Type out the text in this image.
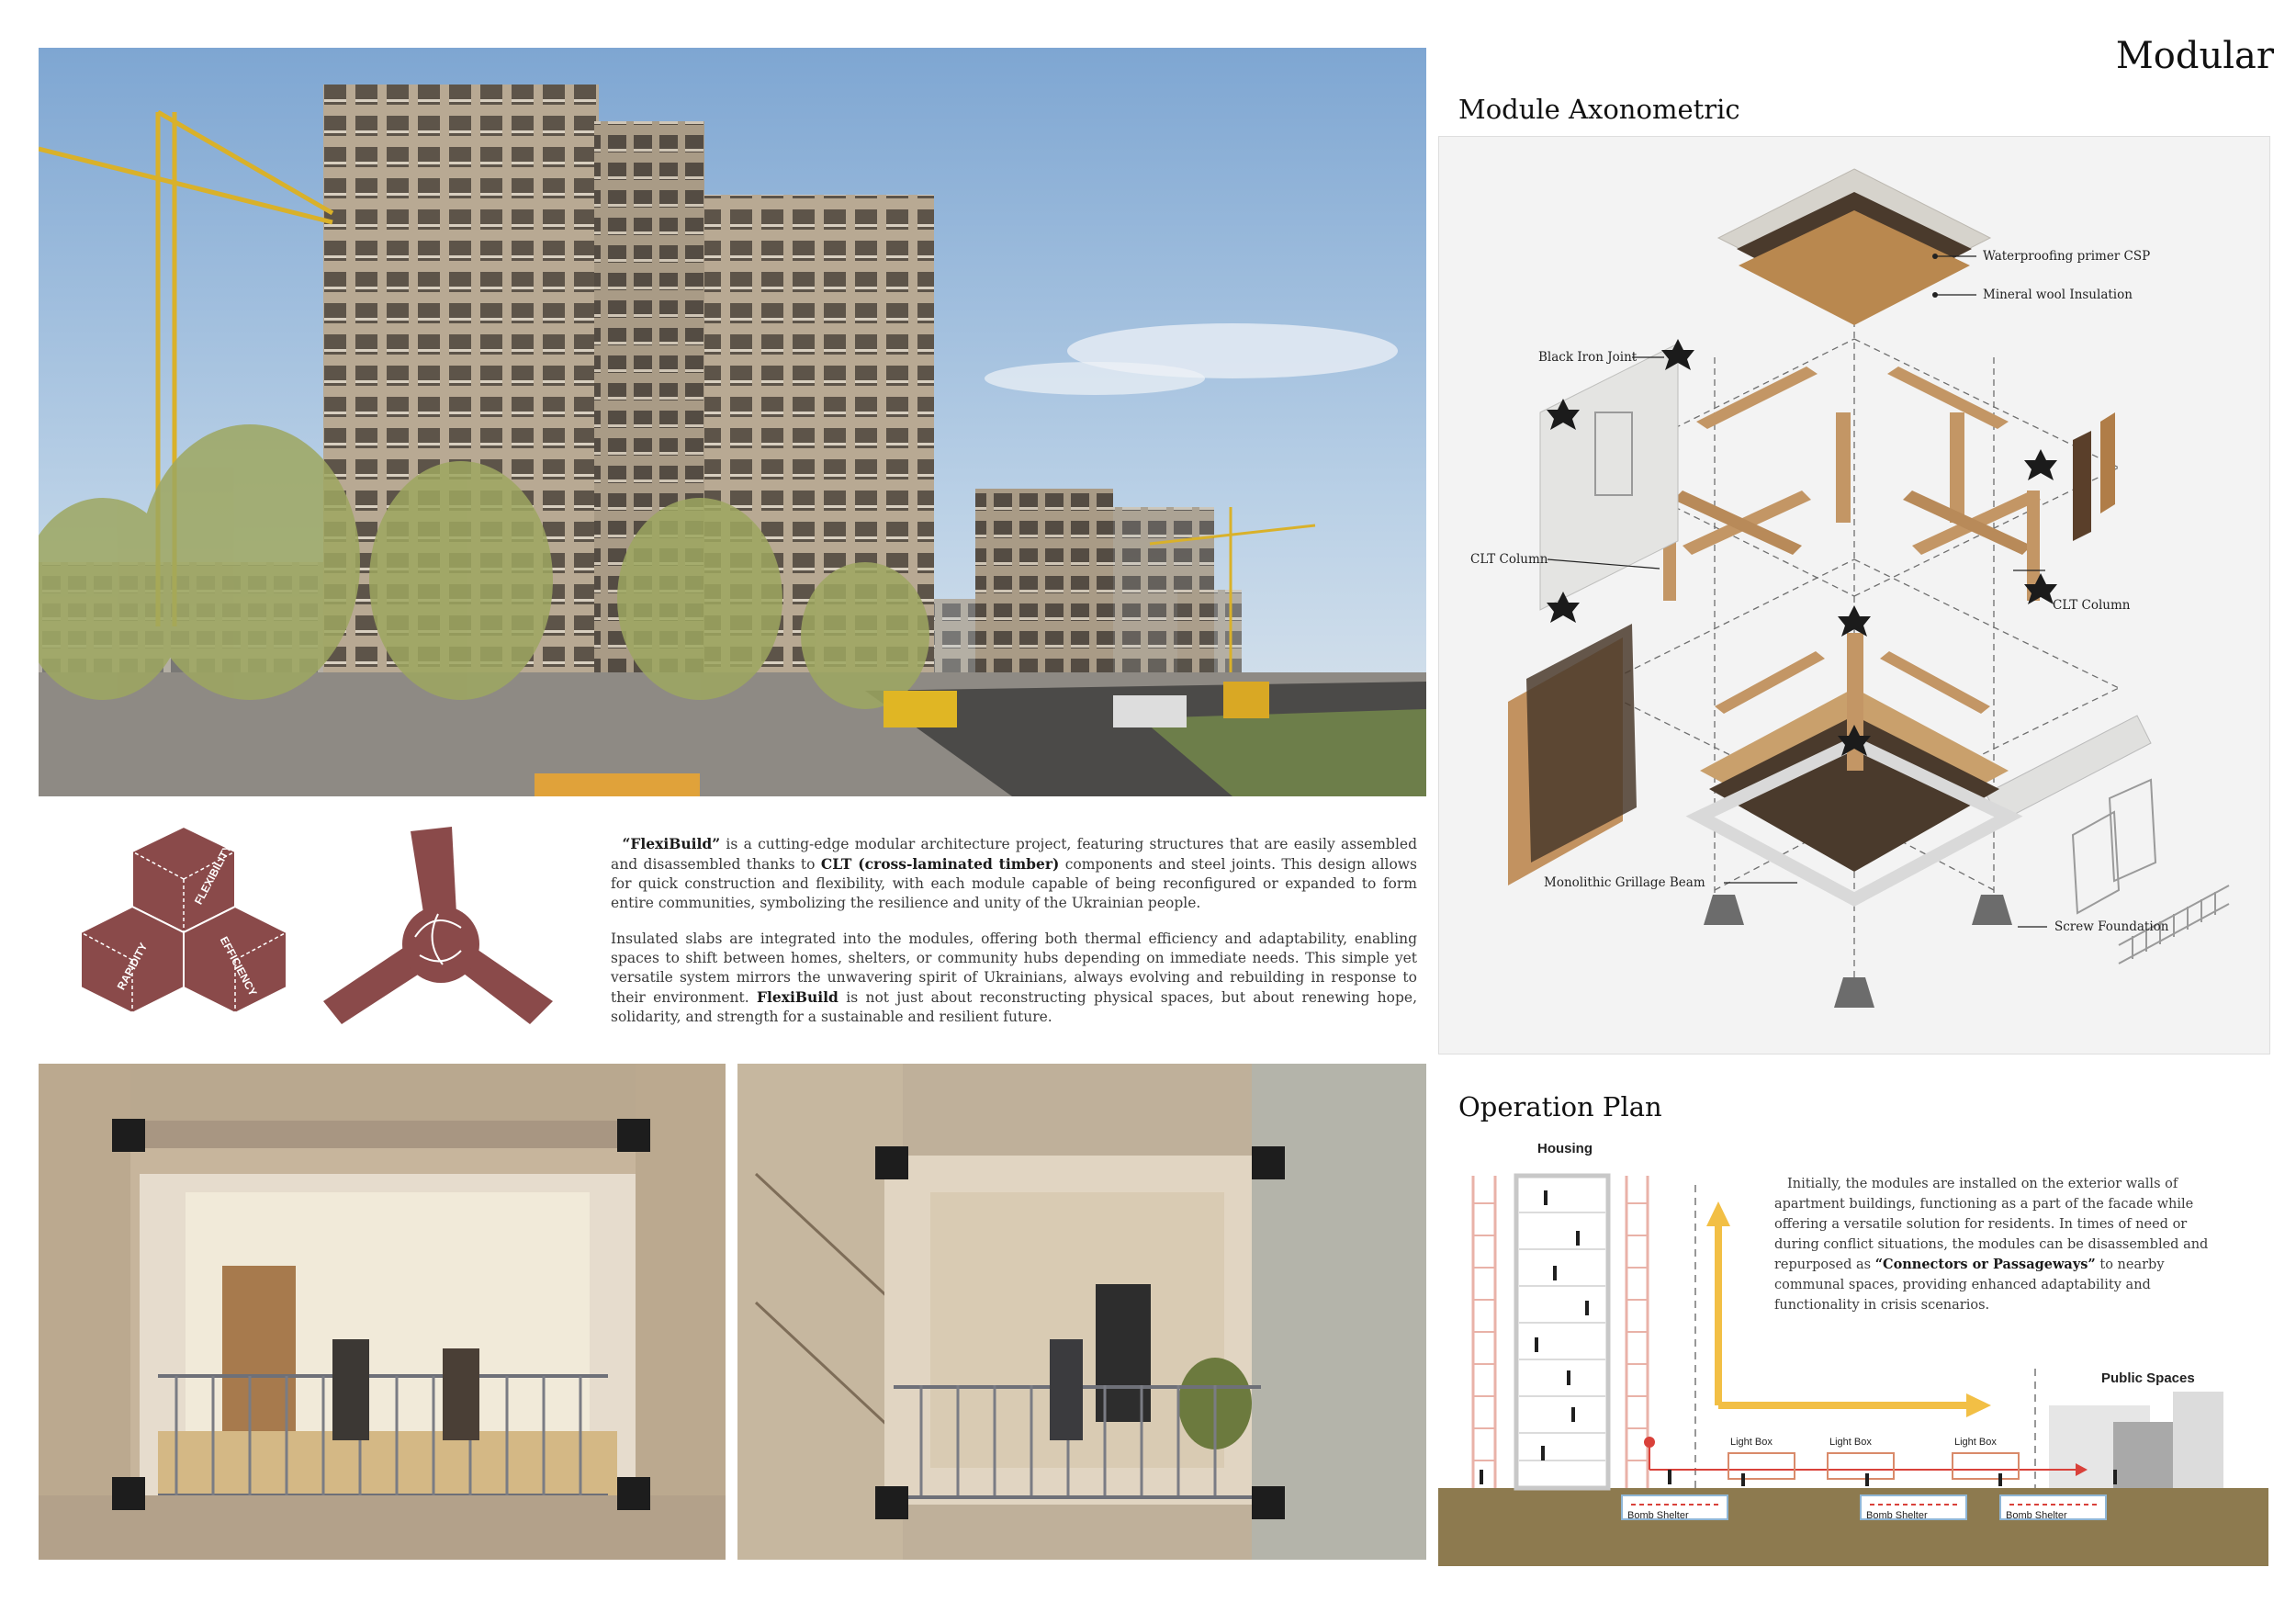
Modular
FLEXIBILITY
RAPIDITY	EFFICIENCY
“FlexiBuild” is a cutting-edge modular architecture project, featuring structures that are easily assembled and disassembled thanks to CLT (cross-laminated timber) components and steel joints. This design allows for quick construction and flexibility, with each module capable of being reconfigured or expanded to form entire communities, symbolizing the resilience and unity of the Ukrainian people.
Insulated slabs are integrated into the modules, offering both thermal efficiency and adaptability, enabling spaces to shift between homes, shelters, or community hubs depending on immediate needs. This simple yet versatile system mirrors the unwavering spirit of Ukrainians, always evolving and rebuilding in response to their environment. FlexiBuild is not just about reconstructing physical spaces, but about renewing hope, solidarity, and strength for a sustainable and resilient future.
Module Axonometric
Waterproofing primer CSP
Mineral wool Insulation
Black Iron Joint
CLT Column
CLT Column
Monolithic Grillage Beam
Screw Foundation
Operation Plan
Housing
Public Spaces
Light Box	Light Box	Light Box
Bomb Shelter	Bomb Shelter	Bomb Shelter
Initially, the modules are installed on the exterior walls of apartment buildings, functioning as a part of the facade while offering a versatile solution for residents. In times of need or during conflict situations, the modules can be disassembled and repurposed as “Connectors or Passageways” to nearby communal spaces, providing enhanced adaptability and functionality in crisis scenarios.
